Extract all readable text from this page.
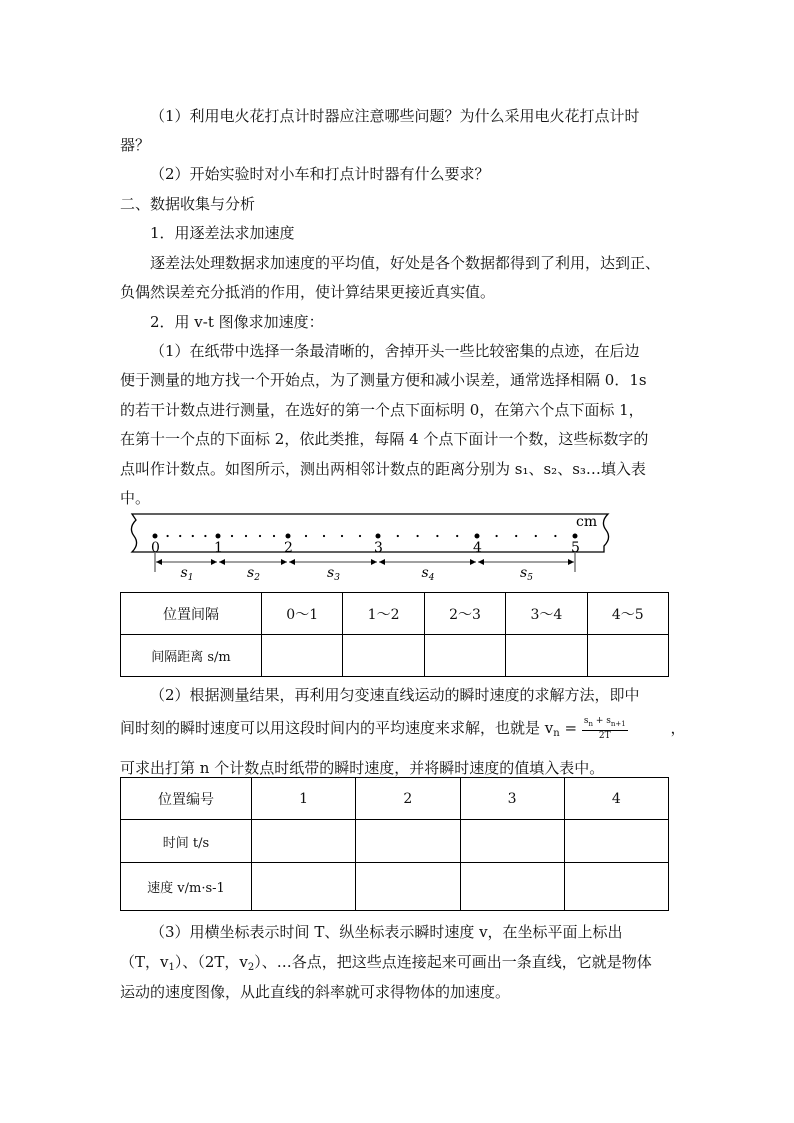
（1）利用电火花打点计时器应注意哪些问题？为什么采用电火花打点计时
器？
（2）开始实验时对小车和打点计时器有什么要求？
二、数据收集与分析
1．用逐差法求加速度
逐差法处理数据求加速度的平均值，好处是各个数据都得到了利用，达到正、
负偶然误差充分抵消的作用，使计算结果更接近真实值。
2．用 v-t 图像求加速度：
（1）在纸带中选择一条最清晰的，舍掉开头一些比较密集的点迹，在后边
便于测量的地方找一个开始点，为了测量方便和减小误差，通常选择相隔 0．1s
的若干计数点进行测量，在选好的第一个点下面标明 0，在第六个点下面标 1，
在第十一个点的下面标 2，依此类推，每隔 4 个点下面计一个数，这些标数字的
点叫作计数点。如图所示，测出两相邻计数点的距离分别为 s₁、s₂、s₃…填入表
中。
cm
0	1	2	3	4	5
$s_1$	$s_2$	$s_3$	$s_4$	$s_5$
位置间隔	0～1	1～2	2～3	3～4	4～5
间隔距离 s/m					
（2）根据测量结果，再利用匀变速直线运动的瞬时速度的求解方法，即中
间时刻的瞬时速度可以用这段时间内的平均速度来求解，也就是 $v_n = \frac{s_n + s_{n+1}}{2T}$	，
可求出打第 n 个计数点时纸带的瞬时速度，并将瞬时速度的值填入表中。
位置编号	1	2	3	4
时间 t/s				
速度 v/m·s-1				
（3）用横坐标表示时间 T、纵坐标表示瞬时速度 v，在坐标平面上标出
（T，$v_1$）、（2T，$v_2$）、…各点，把这些点连接起来可画出一条直线，它就是物体
运动的速度图像，从此直线的斜率就可求得物体的加速度。
